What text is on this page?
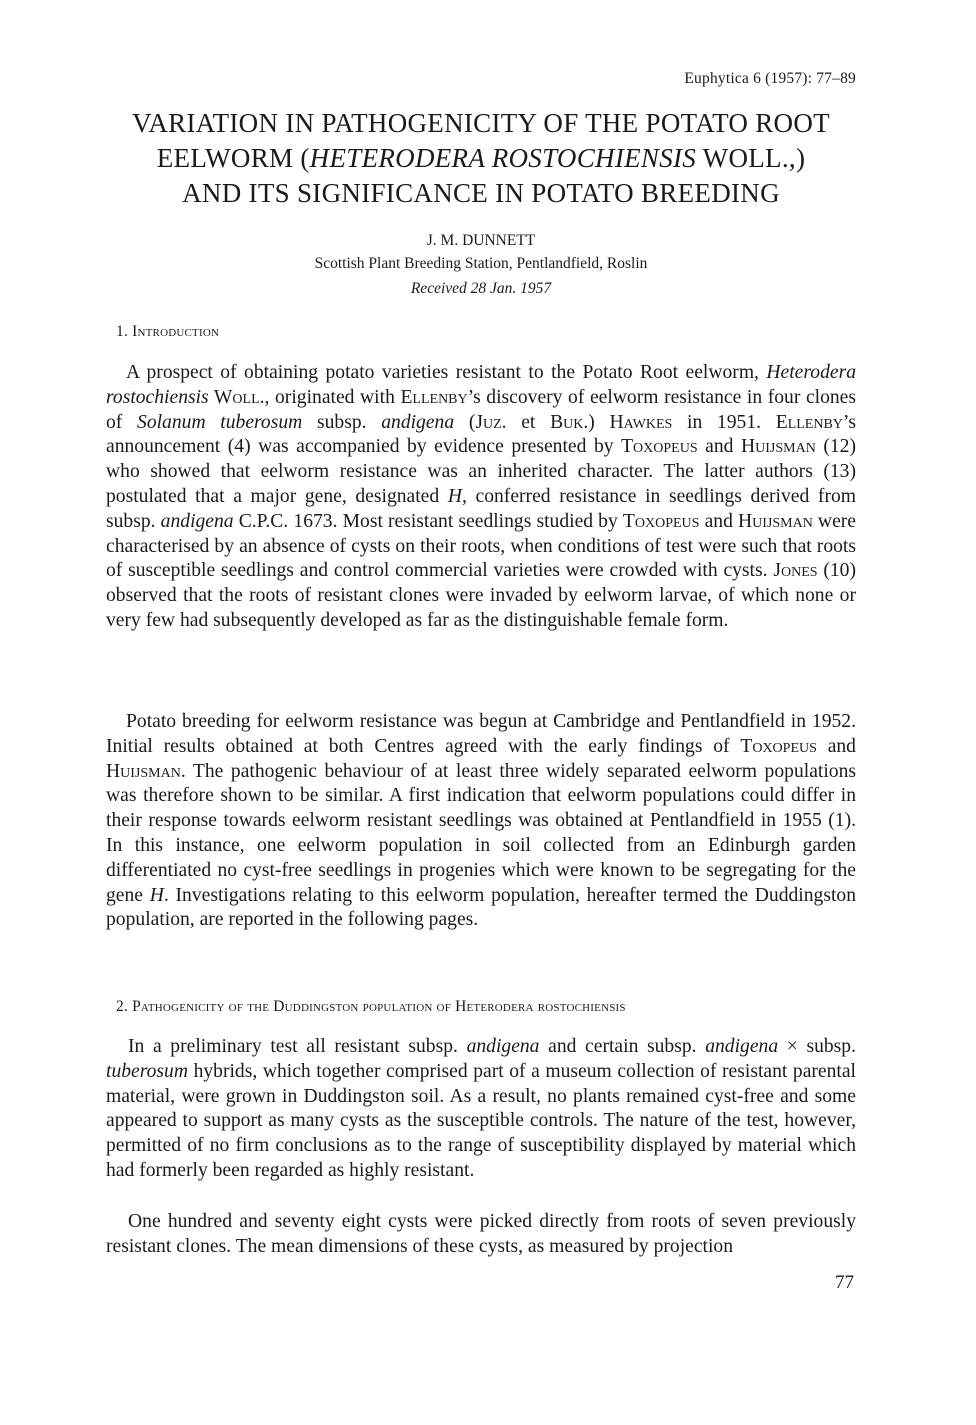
Euphytica 6 (1957): 77–89
VARIATION IN PATHOGENICITY OF THE POTATO ROOT
EELWORM (HETERODERA ROSTOCHIENSIS WOLL.,)
AND ITS SIGNIFICANCE IN POTATO BREEDING
J. M. DUNNETT
Scottish Plant Breeding Station, Pentlandfield, Roslin
Received 28 Jan. 1957
1. Introduction

A prospect of obtaining potato varieties resistant to the Potato Root eelworm, Heterodera rostochiensis Woll., originated with Ellenby’s discovery of eelworm resistance in four clones of Solanum tuberosum subsp. andigena (Juz. et Buk.) Hawkes in 1951. Ellenby’s announcement (4) was accompanied by evidence presented by Toxopeus and Huijsman (12) who showed that eelworm resistance was an inherited character. The latter authors (13) postulated that a major gene, designated H, conferred resistance in seedlings derived from subsp. andigena C.P.C. 1673. Most resistant seedlings studied by Toxopeus and Huijsman were characterised by an absence of cysts on their roots, when conditions of test were such that roots of susceptible seedlings and control commercial varieties were crowded with cysts. Jones (10) observed that the roots of resistant clones were invaded by eelworm larvae, of which none or very few had subsequently developed as far as the distinguishable female form.

Potato breeding for eelworm resistance was begun at Cambridge and Pentlandfield in 1952. Initial results obtained at both Centres agreed with the early findings of Toxopeus and Huijsman. The pathogenic behaviour of at least three widely separated eelworm populations was therefore shown to be similar. A first indication that eelworm populations could differ in their response towards eelworm resistant seedlings was obtained at Pentlandfield in 1955 (1). In this instance, one eelworm population in soil collected from an Edinburgh garden differentiated no cyst-free seedlings in progenies which were known to be segregating for the gene H. Investigations relating to this eelworm population, hereafter termed the Duddingston population, are reported in the following pages.

2. Pathogenicity of the Duddingston population of Heterodera rostochiensis

In a preliminary test all resistant subsp. andigena and certain subsp. andigena × subsp. tuberosum hybrids, which together comprised part of a museum collection of resistant parental material, were grown in Duddingston soil. As a result, no plants remained cyst-free and some appeared to support as many cysts as the susceptible controls. The nature of the test, however, permitted of no firm conclusions as to the range of susceptibility displayed by material which had formerly been regarded as highly resistant.

One hundred and seventy eight cysts were picked directly from roots of seven previously resistant clones. The mean dimensions of these cysts, as measured by projection

77
